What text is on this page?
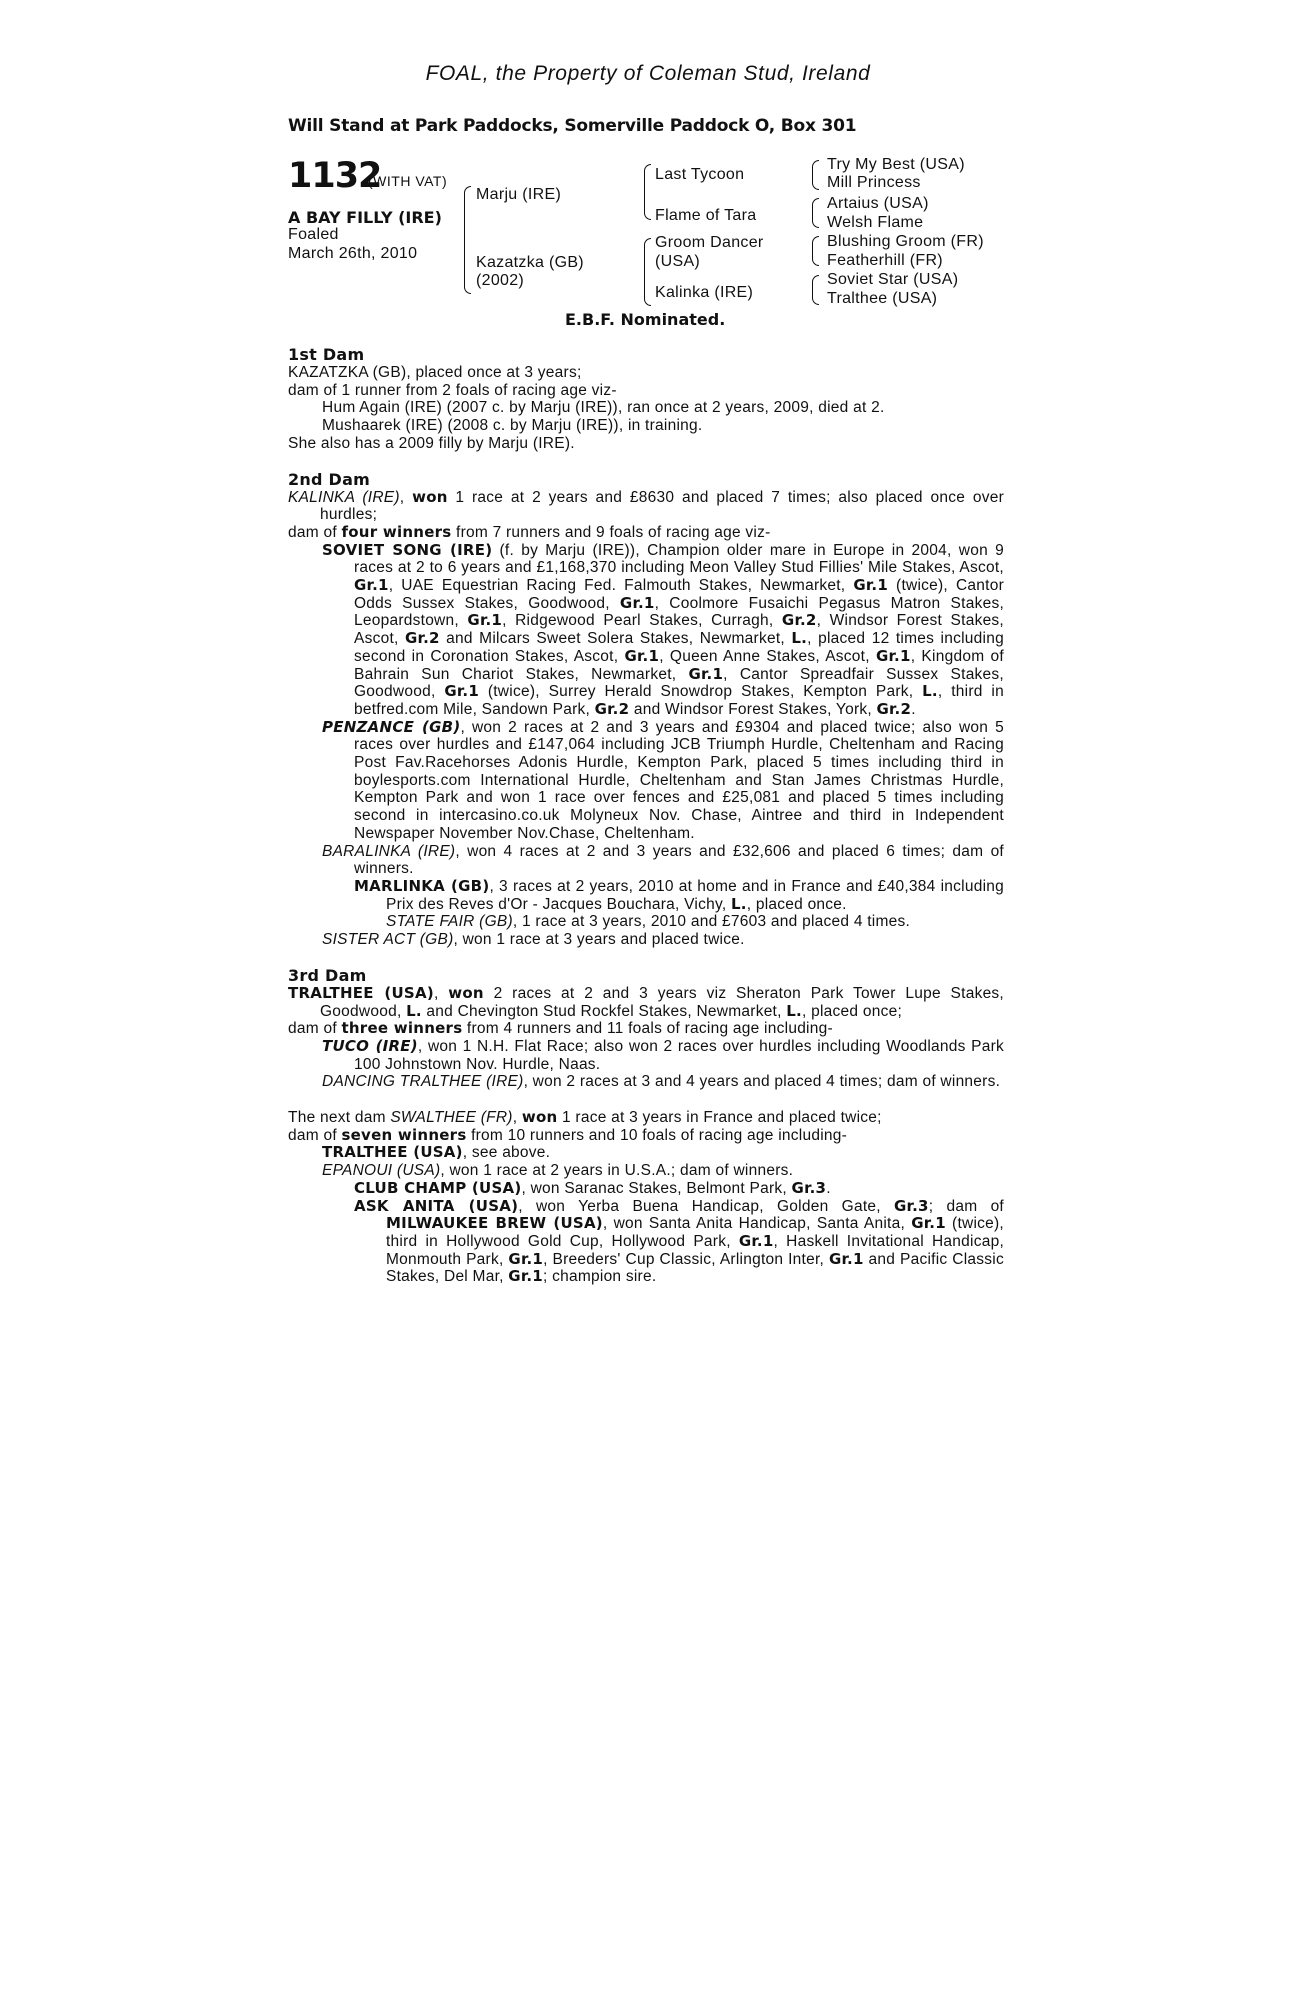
FOAL, the Property of Coleman Stud, Ireland
Will Stand at Park Paddocks, Somerville Paddock O, Box 301
1132
(WITH VAT)
A BAY FILLY (IRE)
Foaled
March 26th, 2010
Marju (IRE)
Kazatzka (GB)
(2002)
Last Tycoon
Flame of Tara
Groom Dancer
(USA)
Kalinka (IRE)
Try My Best (USA)
Mill Princess
Artaius (USA)
Welsh Flame
Blushing Groom (FR)
Featherhill (FR)
Soviet Star (USA)
Tralthee (USA)
E.B.F. Nominated.
1st Dam

KAZATZKA (GB), placed once at 3 years;

dam of 1 runner from 2 foals of racing age viz-

Hum Again (IRE) (2007 c. by Marju (IRE)), ran once at 2 years, 2009, died at 2.

Mushaarek (IRE) (2008 c. by Marju (IRE)), in training.

She also has a 2009 filly by Marju (IRE).

2nd Dam

KALINKA (IRE), won 1 race at 2 years and £8630 and placed 7 times; also placed once over hurdles;

dam of four winners from 7 runners and 9 foals of racing age viz-

SOVIET SONG (IRE) (f. by Marju (IRE)), Champion older mare in Europe in 2004, won 9 races at 2 to 6 years and £1,168,370 including Meon Valley Stud Fillies' Mile Stakes, Ascot, Gr.1, UAE Equestrian Racing Fed. Falmouth Stakes, Newmarket, Gr.1 (twice), Cantor Odds Sussex Stakes, Goodwood, Gr.1, Coolmore Fusaichi Pegasus Matron Stakes, Leopardstown, Gr.1, Ridgewood Pearl Stakes, Curragh, Gr.2, Windsor Forest Stakes, Ascot, Gr.2 and Milcars Sweet Solera Stakes, Newmarket, L., placed 12 times including second in Coronation Stakes, Ascot, Gr.1, Queen Anne Stakes, Ascot, Gr.1, Kingdom of Bahrain Sun Chariot Stakes, Newmarket, Gr.1, Cantor Spreadfair Sussex Stakes, Goodwood, Gr.1 (twice), Surrey Herald Snowdrop Stakes, Kempton Park, L., third in betfred.com Mile, Sandown Park, Gr.2 and Windsor Forest Stakes, York, Gr.2.

PENZANCE (GB), won 2 races at 2 and 3 years and £9304 and placed twice; also won 5 races over hurdles and £147,064 including JCB Triumph Hurdle, Cheltenham and Racing Post Fav.Racehorses Adonis Hurdle, Kempton Park, placed 5 times including third in boylesports.com International Hurdle, Cheltenham and Stan James Christmas Hurdle, Kempton Park and won 1 race over fences and £25,081 and placed 5 times including second in intercasino.co.uk Molyneux Nov. Chase, Aintree and third in Independent Newspaper November Nov.Chase, Cheltenham.

BARALINKA (IRE), won 4 races at 2 and 3 years and £32,606 and placed 6 times; dam of winners.

MARLINKA (GB), 3 races at 2 years, 2010 at home and in France and £40,384 including Prix des Reves d'Or - Jacques Bouchara, Vichy, L., placed once.

STATE FAIR (GB), 1 race at 3 years, 2010 and £7603 and placed 4 times.

SISTER ACT (GB), won 1 race at 3 years and placed twice.

3rd Dam

TRALTHEE (USA), won 2 races at 2 and 3 years viz Sheraton Park Tower Lupe Stakes, Goodwood, L. and Chevington Stud Rockfel Stakes, Newmarket, L., placed once;

dam of three winners from 4 runners and 11 foals of racing age including-

TUCO (IRE), won 1 N.H. Flat Race; also won 2 races over hurdles including Woodlands Park 100 Johnstown Nov. Hurdle, Naas.

DANCING TRALTHEE (IRE), won 2 races at 3 and 4 years and placed 4 times; dam of winners.

The next dam SWALTHEE (FR), won 1 race at 3 years in France and placed twice;

dam of seven winners from 10 runners and 10 foals of racing age including-

TRALTHEE (USA), see above.

EPANOUI (USA), won 1 race at 2 years in U.S.A.; dam of winners.

CLUB CHAMP (USA), won Saranac Stakes, Belmont Park, Gr.3.

ASK ANITA (USA), won Yerba Buena Handicap, Golden Gate, Gr.3; dam of MILWAUKEE BREW (USA), won Santa Anita Handicap, Santa Anita, Gr.1 (twice), third in Hollywood Gold Cup, Hollywood Park, Gr.1, Haskell Invitational Handicap, Monmouth Park, Gr.1, Breeders' Cup Classic, Arlington Inter, Gr.1 and Pacific Classic Stakes, Del Mar, Gr.1; champion sire.
